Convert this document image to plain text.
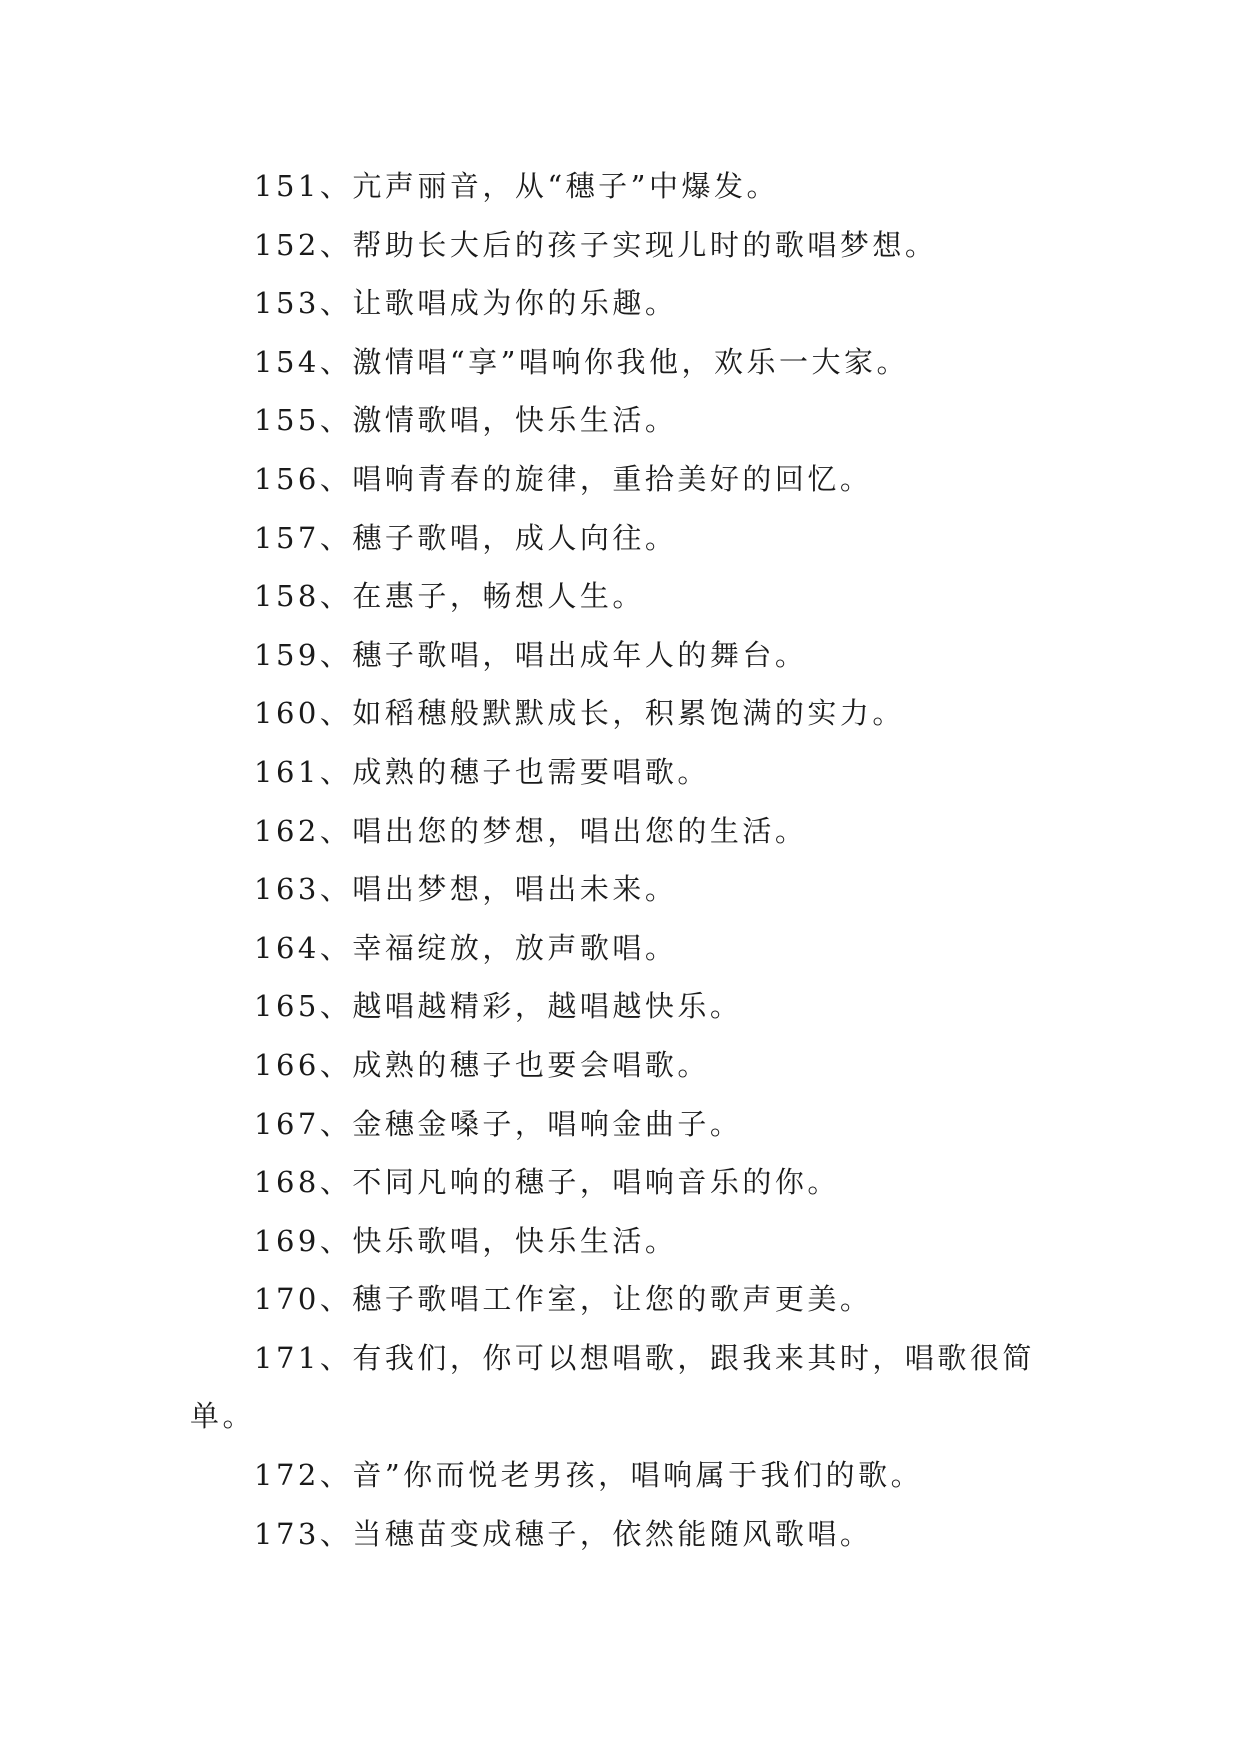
151、亢声丽音，从“穗子”中爆发。

152、帮助长大后的孩子实现儿时的歌唱梦想。

153、让歌唱成为你的乐趣。

154、激情唱“享”唱响你我他，欢乐一大家。

155、激情歌唱，快乐生活。

156、唱响青春的旋律，重拾美好的回忆。

157、穗子歌唱，成人向往。

158、在惠子，畅想人生。

159、穗子歌唱，唱出成年人的舞台。

160、如稻穗般默默成长，积累饱满的实力。

161、成熟的穗子也需要唱歌。

162、唱出您的梦想，唱出您的生活。

163、唱出梦想，唱出未来。

164、幸福绽放，放声歌唱。

165、越唱越精彩，越唱越快乐。

166、成熟的穗子也要会唱歌。

167、金穗金嗓子，唱响金曲子。

168、不同凡响的穗子，唱响音乐的你。

169、快乐歌唱，快乐生活。

170、穗子歌唱工作室，让您的歌声更美。

171、有我们，你可以想唱歌，跟我来其时，唱歌很简单。

172、音”你而悦老男孩，唱响属于我们的歌。

173、当穗苗变成穗子，依然能随风歌唱。
